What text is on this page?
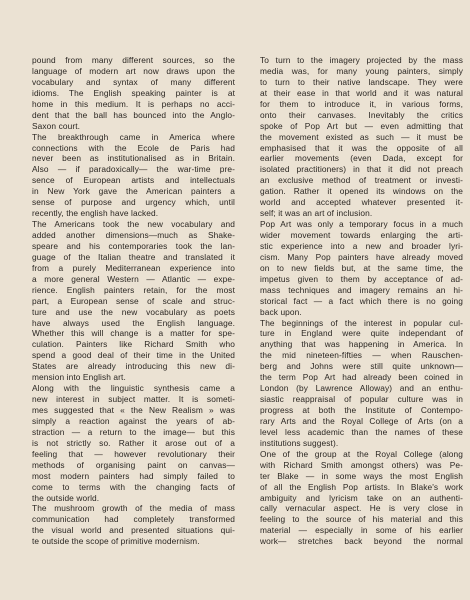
pound from many different sources, so the
language of modern art now draws upon the
vocabulary and syntax of many different
idioms. The English speaking painter is at
home in this medium. It is perhaps no acci-
dent that the ball has bounced into the Anglo-
Saxon court.
The breakthrough came in America where
connections with the Ecole de Paris had
never been as institutionalised as in Britain.
Also — if paradoxically— the war-time pre-
sence of European artists and intellectuals
in New York gave the American painters a
sense of purpose and urgency which, until
recently, the english have lacked.
The Americans took the new vocabulary and
added another dimensions—much as Shake-
speare and his contemporaries took the lan-
guage of the Italian theatre and translated it
from a purely Mediterranean experience into
a more general Western — Atlantic — expe-
rience. English painters retain, for the most
part, a European sense of scale and struc-
ture and use the new vocabulary as poets
have always used the English language.
Whether this will change is a matter for spe-
culation. Painters like Richard Smith who
spend a good deal of their time in the United
States are already introducing this new di-
mension into English art.
Along with the linguistic synthesis came a
new interest in subject matter. It is someti-
mes suggested that « the New Realism » was
simply a reaction against the years of ab-
straction — a return to the image— but this
is not strictly so. Rather it arose out of a
feeling that — however revolutionary their
methods of organising paint on canvas—
most modern painters had simply failed to
come to terms with the changing facts of
the outside world.
The mushroom growth of the media of mass
communication had completely transformed
the visual world and presented situations qui-
te outside the scope of primitive modernism.
To turn to the imagery projected by the mass
media was, for many young painters, simply
to turn to their native landscape. They were
at their ease in that world and it was natural
for them to introduce it, in various forms,
onto their canvases. Inevitably the critics
spoke of Pop Art but — even admitting that
the movement existed as such — it must be
emphasised that it was the opposite of all
earlier movements (even Dada, except for
isolated practitioners) in that it did not preach
an exclusive method of treatment or investi-
gation. Rather it opened its windows on the
world and accepted whatever presented it-
self; it was an art of inclusion.
Pop Art was only a temporary focus in a much
wider movement towards enlarging the arti-
stic experience into a new and broader lyri-
cism. Many Pop painters have already moved
on to new fields but, at the same time, the
impetus given to them by acceptance of ad-
mass techniques and imagery remains an hi-
storical fact — a fact which there is no going
back upon.
The beginnings of the interest in popular cul-
ture in England were quite independant of
anything that was happening in America. In
the mid nineteen-fifties — when Rauschen-
berg and Johns were still quite unknown—
the term Pop Art had already been coined in
London (by Lawrence Alloway) and an enthu-
siastic reappraisal of popular culture was in
progress at both the Institute of Contempo-
rary Arts and the Royal College of Arts (on a
level less academic than the names of these
institutions suggest).
One of the group at the Royal College (along
with Richard Smith amongst others) was Pe-
ter Blake — in some ways the most English
of all the English Pop artists. In Blake's work
ambiguity and lyricism take on an authenti-
cally vernacular aspect. He is very close in
feeling to the source of his material and this
material — especially in some of his earlier
work— stretches back beyond the normal
